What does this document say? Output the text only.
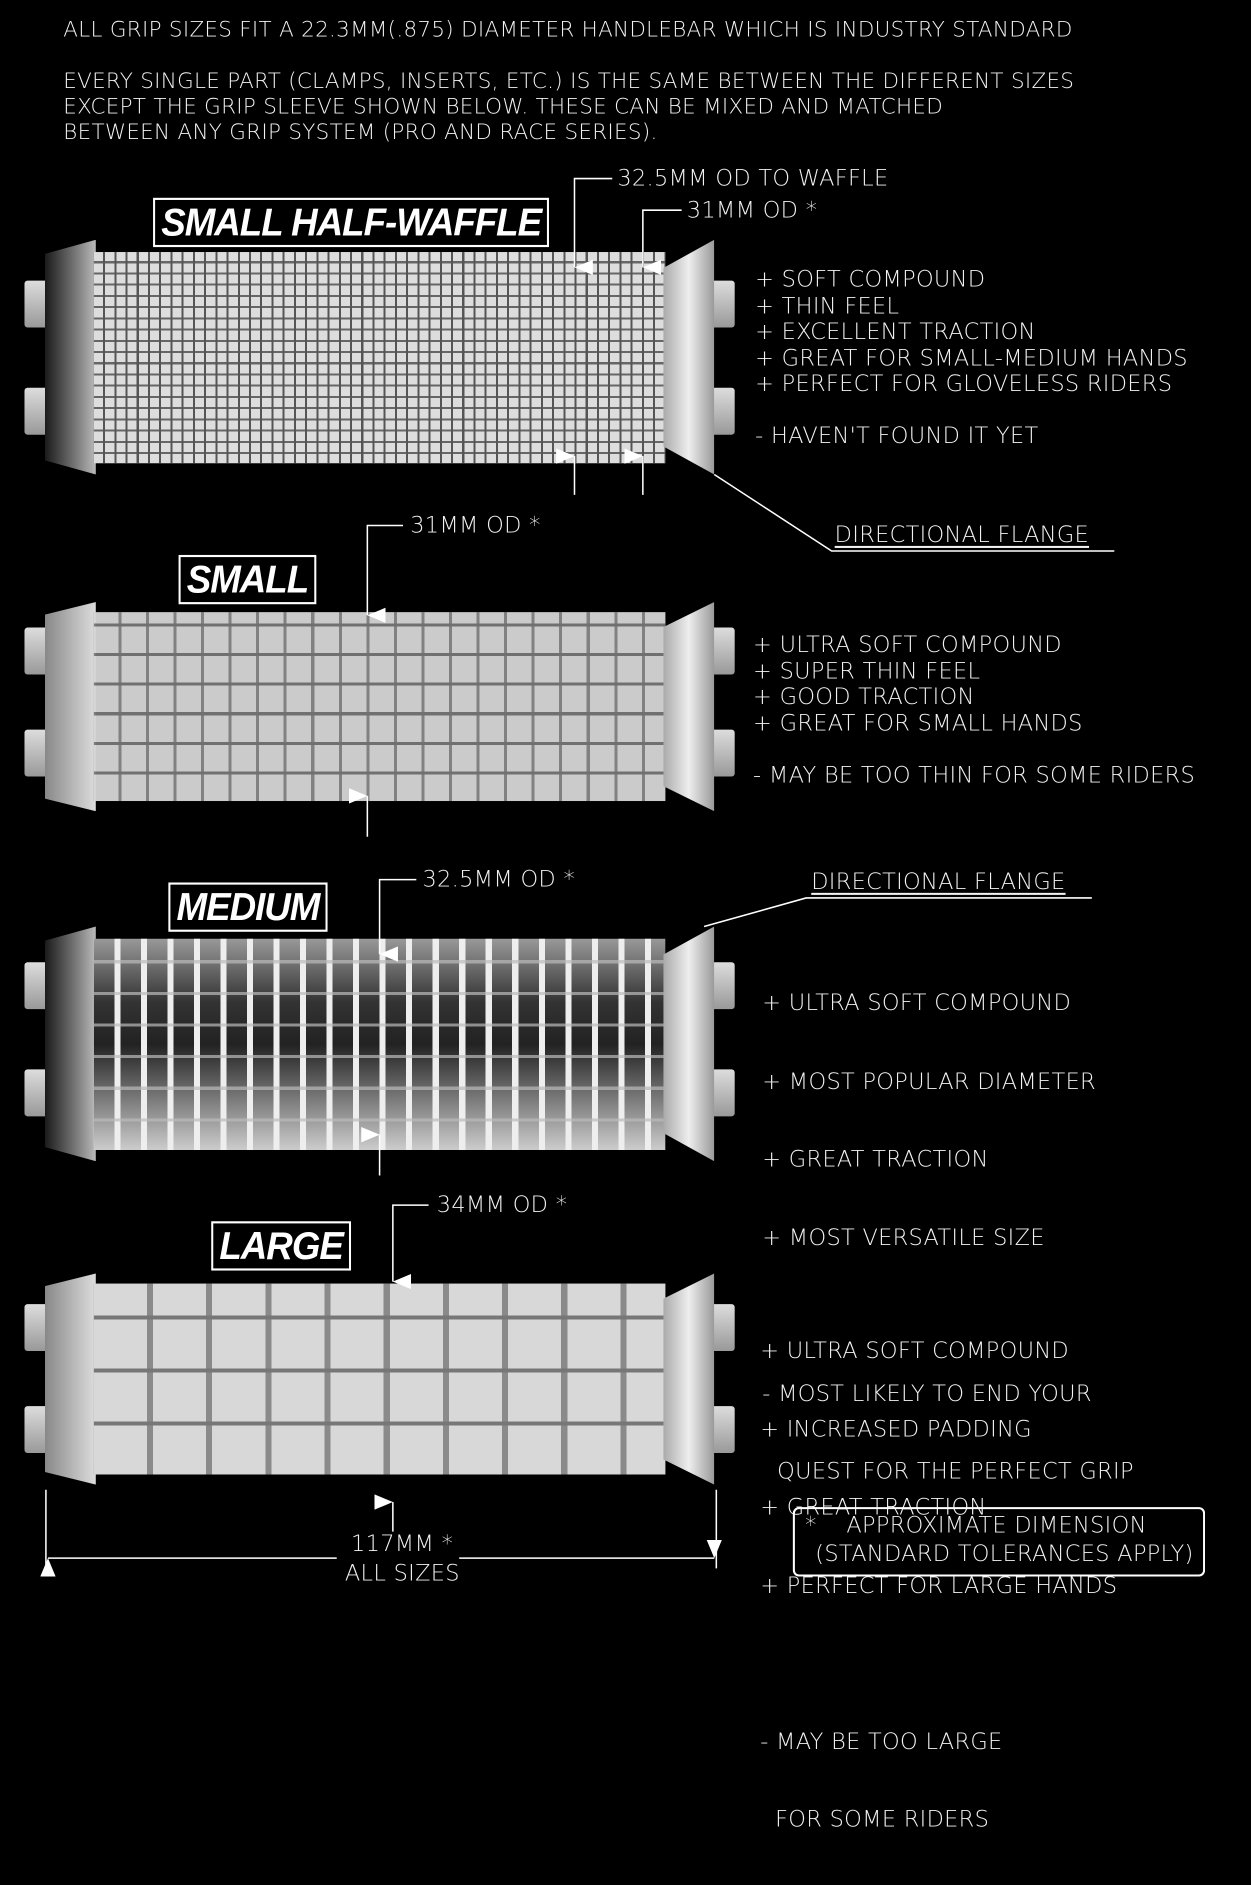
ALL GRIP SIZES FIT A 22.3MM(.875) DIAMETER HANDLEBAR WHICH IS INDUSTRY STANDARD
EVERY SINGLE PART (CLAMPS, INSERTS, ETC.) IS THE SAME BETWEEN THE DIFFERENT SIZES
EXCEPT THE GRIP SLEEVE SHOWN BELOW. THESE CAN BE MIXED AND MATCHED
BETWEEN ANY GRIP SYSTEM (PRO AND RACE SERIES).
SMALL HALF-WAFFLE
SMALL
MEDIUM
LARGE
32.5MM OD TO WAFFLE
31MM OD *
DIRECTIONAL FLANGE
31MM OD *
32.5MM OD *	DIRECTIONAL FLANGE
34MM OD *
+ SOFT COMPOUND
+ THIN FEEL
+ EXCELLENT TRACTION
+ GREAT FOR SMALL-MEDIUM HANDS
+ PERFECT FOR GLOVELESS RIDERS
- HAVEN'T FOUND IT YET
+ ULTRA SOFT COMPOUND
+ SUPER THIN FEEL
+ GOOD TRACTION
+ GREAT FOR SMALL HANDS
- MAY BE TOO THIN FOR SOME RIDERS

+ ULTRA SOFT COMPOUND

+ MOST POPULAR DIAMETER

+ GREAT TRACTION

+ MOST VERSATILE SIZE

- MOST LIKELY TO END YOUR

QUEST FOR THE PERFECT GRIP

+ ULTRA SOFT COMPOUND

+ INCREASED PADDING

+ GREAT TRACTION

+ PERFECT FOR LARGE HANDS

- MAY BE TOO LARGE

FOR SOME RIDERS

117MM *
ALL SIZES
*    APPROXIMATE DIMENSION
(STANDARD TOLERANCES APPLY)
